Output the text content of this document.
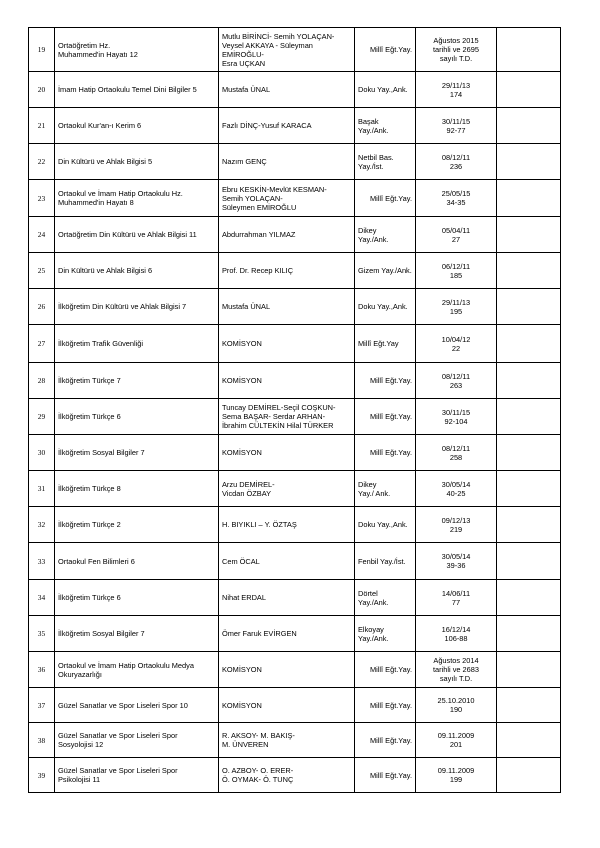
19	Ortaöğretim Hz.
Muhammed'in Hayatı 12	Mutlu BİRİNCİ- Semih YOLAÇAN-
Veysel AKKAYA - Süleyman
EMİROĞLU-
Esra UÇKAN	Millî Eğt.Yay.	Ağustos 2015
tarihli ve 2695
sayılı T.D.	
20	İmam Hatip Ortaokulu Temel Dini Bilgiler 5	Mustafa ÜNAL	Doku Yay.,Ank.	29/11/13
174	
21	Ortaokul Kur'an-ı Kerim 6	Fazlı DİNÇ-Yusuf KARACA	Başak
Yay./Ank.	30/11/15
92-77	
22	Din Kültürü ve Ahlak Bilgisi 5	Nazım GENÇ	Netbil Bas.
Yay./İst.	08/12/11
236	
23	Ortaokul ve İmam Hatip Ortaokulu Hz.
Muhammed'in Hayatı 8	Ebru KESKİN-Mevlüt KESMAN-
Semih YOLAÇAN-
Süleymen EMİROĞLU	Millî Eğt.Yay.	25/05/15
34-35	
24	Ortaöğretim Din Kültürü ve Ahlak Bilgisi 11	Abdurrahman YILMAZ	Dikey
Yay./Ank.	05/04/11
27	
25	Din Kültürü ve Ahlak Bilgisi 6	Prof. Dr. Recep KILIÇ	Gizem Yay./Ank.	06/12/11
185	
26	İlköğretim Din Kültürü ve Ahlak Bilgisi 7	Mustafa ÜNAL	Doku Yay.,Ank.	29/11/13
195	
27	İlköğretim Trafik Güvenliği	KOMİSYON	Millî Eğt.Yay	10/04/12
22	
28	İlköğretim Türkçe 7	KOMİSYON	Millî Eğt.Yay.	08/12/11
263	
29	İlköğretim Türkçe 6	Tuncay DEMİREL-Seçil COŞKUN-
Sema BAŞAR- Serdar ARHAN-
İbrahim CÜLTEKİN Hilal TÜRKER	Millî Eğt.Yay.	30/11/15
92-104	
30	İlköğretim Sosyal Bilgiler 7	KOMİSYON	Millî Eğt.Yay.	08/12/11
258	
31	İlköğretim Türkçe 8	Arzu DEMİREL-
Vicdan ÖZBAY	Dikey
Yay./ Ank.	30/05/14
40-25	
32	İlköğretim Türkçe 2	H. BIYIKLI – Y. ÖZTAŞ	Doku Yay.,Ank.	09/12/13
219	
33	Ortaokul Fen Bilimleri 6	Cem ÖCAL	Fenbil Yay./İst.	30/05/14
39-36	
34	İlköğretim Türkçe 6	Nihat ERDAL	Dörtel
Yay./Ank.	14/06/11
77	
35	İlköğretim Sosyal Bilgiler 7	Ömer Faruk EVİRGEN	Elkoyay
Yay./Ank.	16/12/14
106-88	
36	Ortaokul ve İmam Hatip Ortaokulu Medya
Okuryazarlığı	KOMİSYON	Millî Eğt.Yay.	Ağustos 2014
tarihli ve 2683
sayılı T.D.	
37	Güzel Sanatlar ve Spor Liseleri Spor 10	KOMİSYON	Millî Eğt.Yay.	25.10.2010
190	
38	Güzel Sanatlar ve Spor Liseleri Spor
Sosyolojisi 12	R. AKSOY- M. BAKIŞ-
M. ÜNVEREN	Millî Eğt.Yay.	09.11.2009
201	
39	Güzel Sanatlar ve Spor Liseleri Spor
Psikolojisi 11	O. AZBOY- O. ERER-
Ö. OYMAK- Ö. TUNÇ	Millî Eğt.Yay.	09.11.2009
199	
